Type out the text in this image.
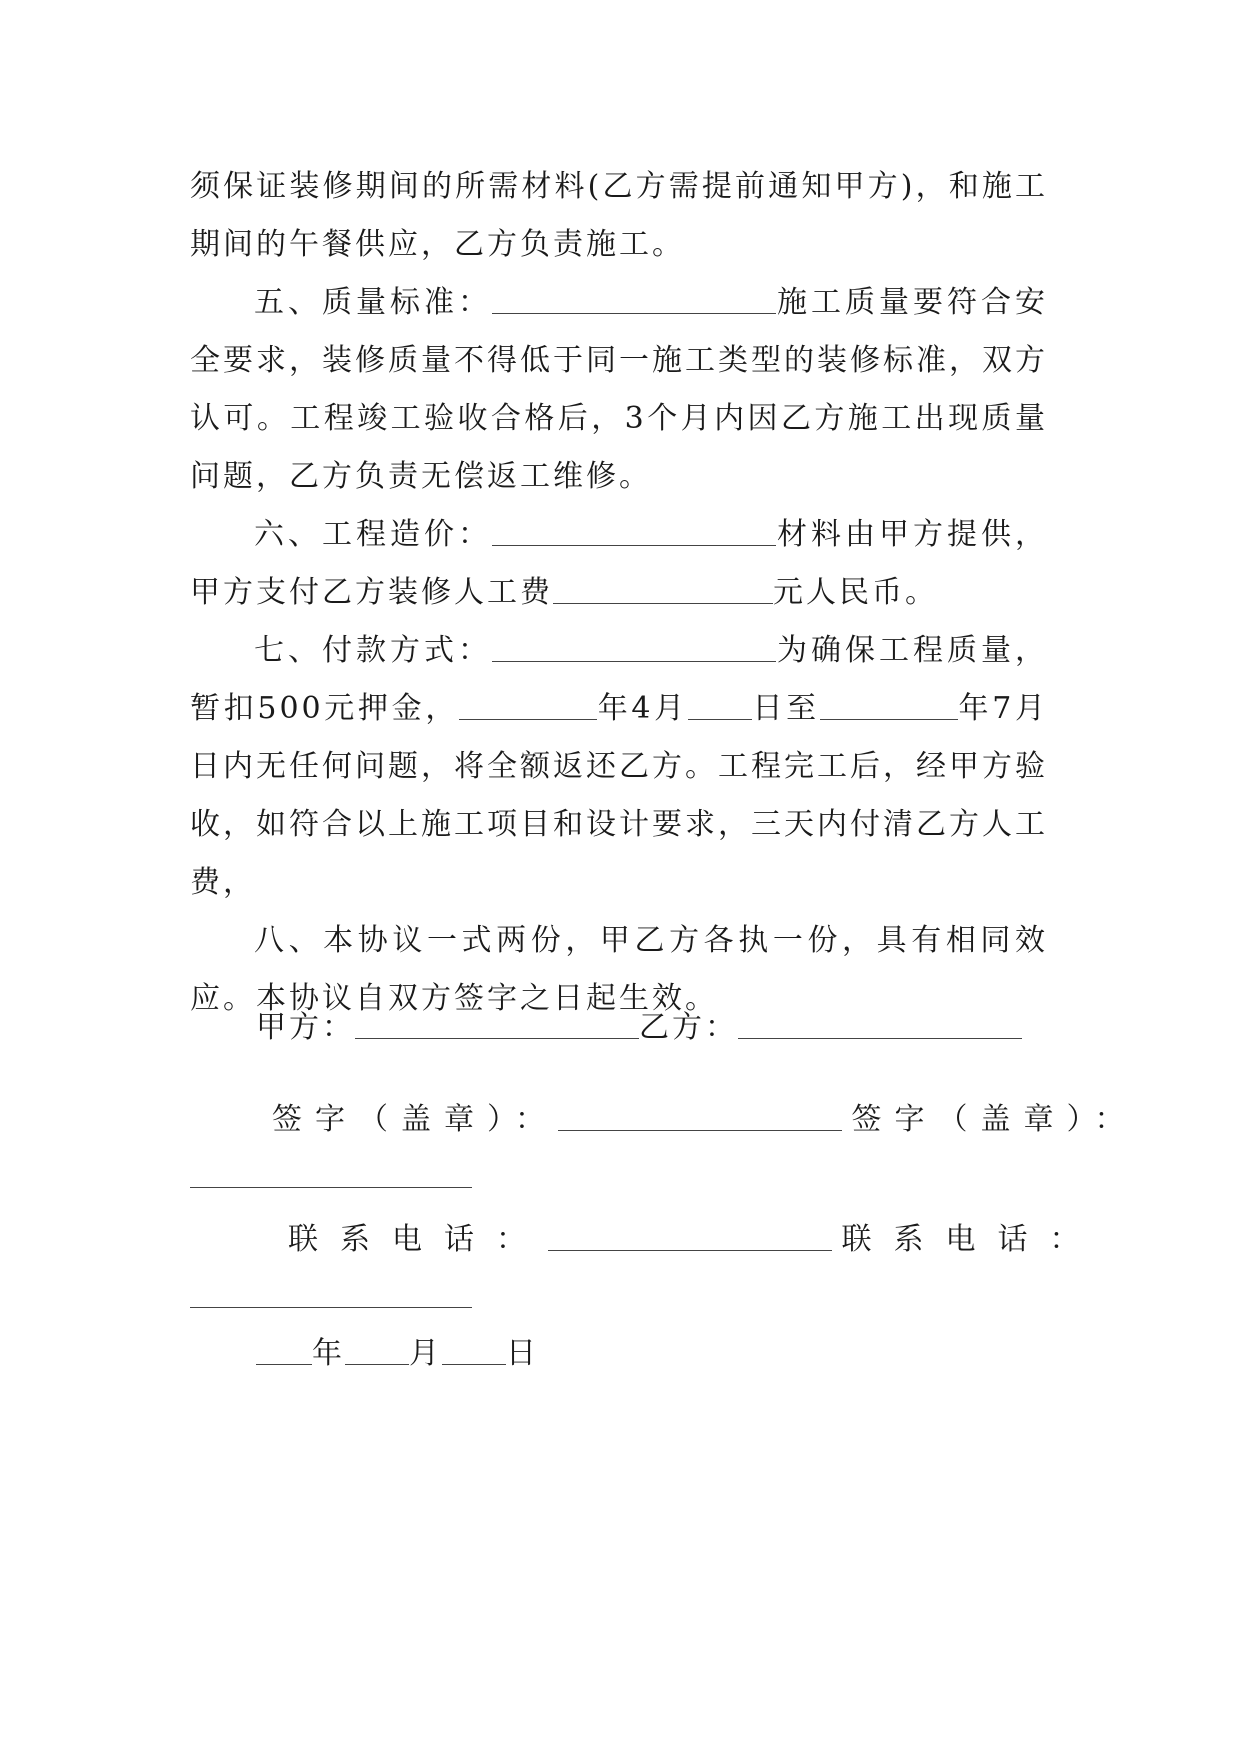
须保证装修期间的所需材料(乙方需提前通知甲方)，和施工期间的午餐供应，乙方负责施工。

五、质量标准：	施工质量要符合安全要求，装修质量不得低于同一施工类型的装修标准，双方认可。工程竣工验收合格后，3个月内因乙方施工出现质量问题，乙方负责无偿返工维修。

六、工程造价：	材料由甲方提供，甲方支付乙方装修人工费	元人民币。

七、付款方式：	为确保工程质量，暂扣500元押金，	年4月 日至	年7月日内无任何问题，将全额返还乙方。工程完工后，经甲方验收，如符合以上施工项目和设计要求，三天内付清乙方人工费，

八、本协议一式两份，甲乙方各执一份，具有相同效应。本协议自双方签字之日起生效。

甲方：	乙方：
签字（盖章）：	签字（盖章）：
联系电话：	联系电话：
年 月 日
